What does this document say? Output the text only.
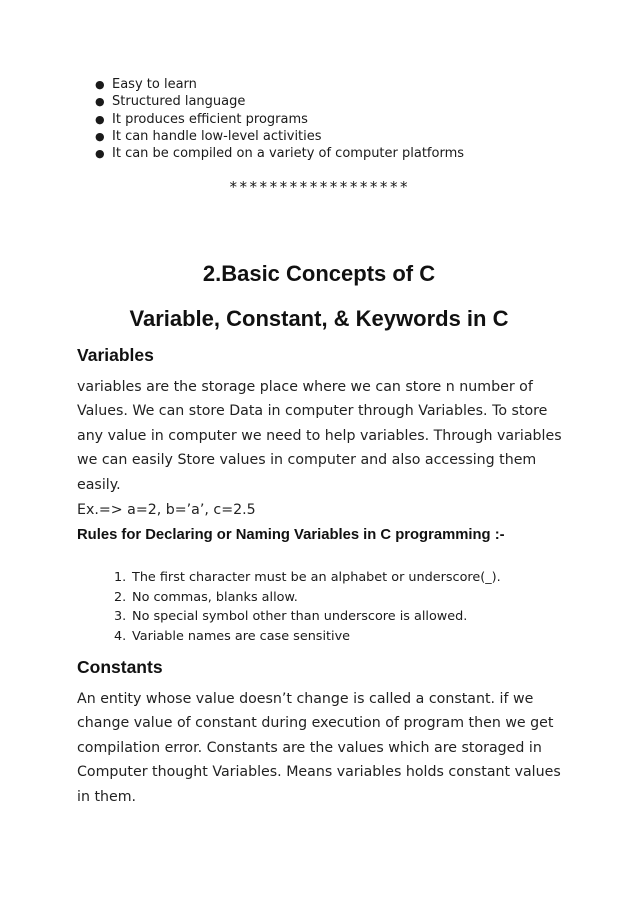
● Easy to learn
● Structured language
● It produces efficient programs
● It can handle low-level activities
● It can be compiled on a variety of computer platforms
******************
2.Basic Concepts of C
Variable, Constant, & Keywords in C
Variables
variables are the storage place where we can store n number of
Values. We can store Data in computer through Variables. To store
any value in computer we need to help variables. Through variables
we can easily Store values in computer and also accessing them
easily.
Ex.=> a=2, b=’a’, c=2.5
Rules for Declaring or Naming Variables in C programming :-
1. The first character must be an alphabet or underscore(_).
2. No commas, blanks allow.
3. No special symbol other than underscore is allowed.
4. Variable names are case sensitive
Constants
An entity whose value doesn’t change is called a constant. if we
change value of constant during execution of program then we get
compilation error. Constants are the values which are storaged in
Computer thought Variables. Means variables holds constant values
in them.
